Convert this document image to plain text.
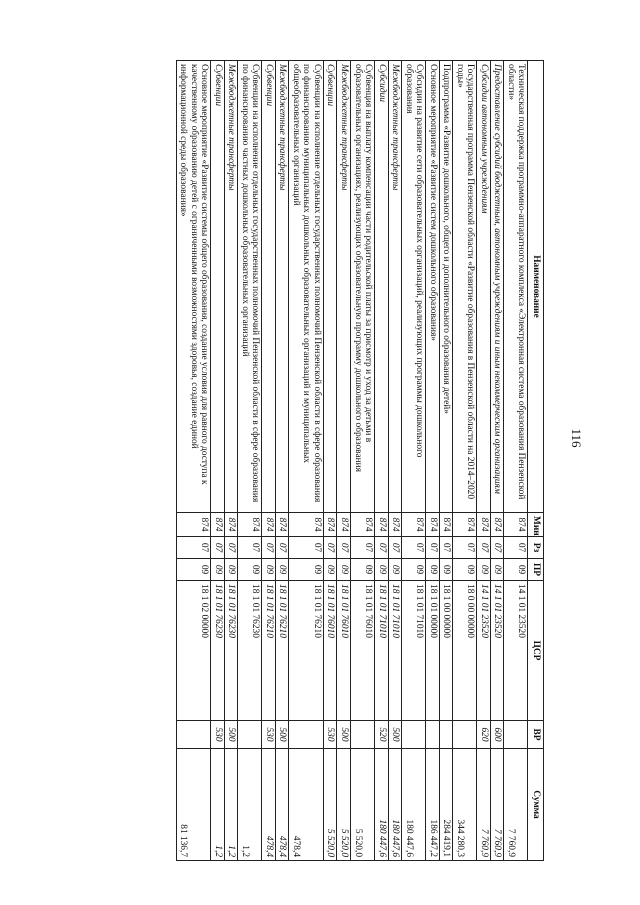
116
Наименование	Мин	Рз	ПР	ЦСР	ВР	Сумма
Техническая поддержка программно-аппаратного комплекса «Электронная система образования Пензенской области»	874	07	09	14 1 01 23520		7 760,9
Предоставление субсидий бюджетным, автономным учреждениям и иным некоммерческим организациям	874	07	09	14 1 01 23520	600	7 760,9
Субсидии автономным учреждениям	874	07	09	14 1 01 23520	620	7 760,9
Государственная программа Пензенской области «Развитие образования в Пензенской области на 2014–2020 годы»	874	07	09	18 0 00 00000		344 280,3
Подпрограмма «Развитие дошкольного, общего и дополнительного образования детей»	874	07	09	18 1 00 00000		284 419,1
Основное мероприятие «Развитие систем дошкольного образования»	874	07	09	18 1 01 00000		186 447,2
Субсидии на развитие сети образовательных организаций, реализующих программы дошкольного образования	874	07	09	18 1 01 71010		180 447,6
Межбюджетные трансферты	874	07	09	18 1 01 71010	500	180 447,6
Субсидии	874	07	09	18 1 01 71010	520	180 447,6
Субвенция на выплату компенсации части родительской платы за присмотр и уход за детьми в образовательных организациях, реализующих образовательную программу дошкольного образования	874	07	09	18 1 01 76010		5 520,0
Межбюджетные трансферты	874	07	09	18 1 01 76010	500	5 520,0
Субвенции	874	07	09	18 1 01 76010	530	5 520,0
Субвенции на исполнение отдельных государственных полномочий Пензенской области в сфере образования по финансированию муниципальных дошкольных образовательных организаций и муниципальных общеобразовательных организаций	874	07	09	18 1 01 76210		478,4
Межбюджетные трансферты	874	07	09	18 1 01 76210	500	478,4
Субвенции	874	07	09	18 1 01 76210	530	478,4
Субвенции на исполнение отдельных государственных полномочий Пензенской области в сфере образования по финансированию частных дошкольных образовательных организаций	874	07	09	18 1 01 76230		1,2
Межбюджетные трансферты	874	07	09	18 1 01 76230	500	1,2
Субвенции	874	07	09	18 1 01 76230	530	1,2
Основное мероприятие «Развитие системы общего образования, создание условия для равного доступа к качественному образованию детей с ограниченными возможностями здоровья, создание единой информационной среды образования»	874	07	09	18 1 02 00000		81 136,7
